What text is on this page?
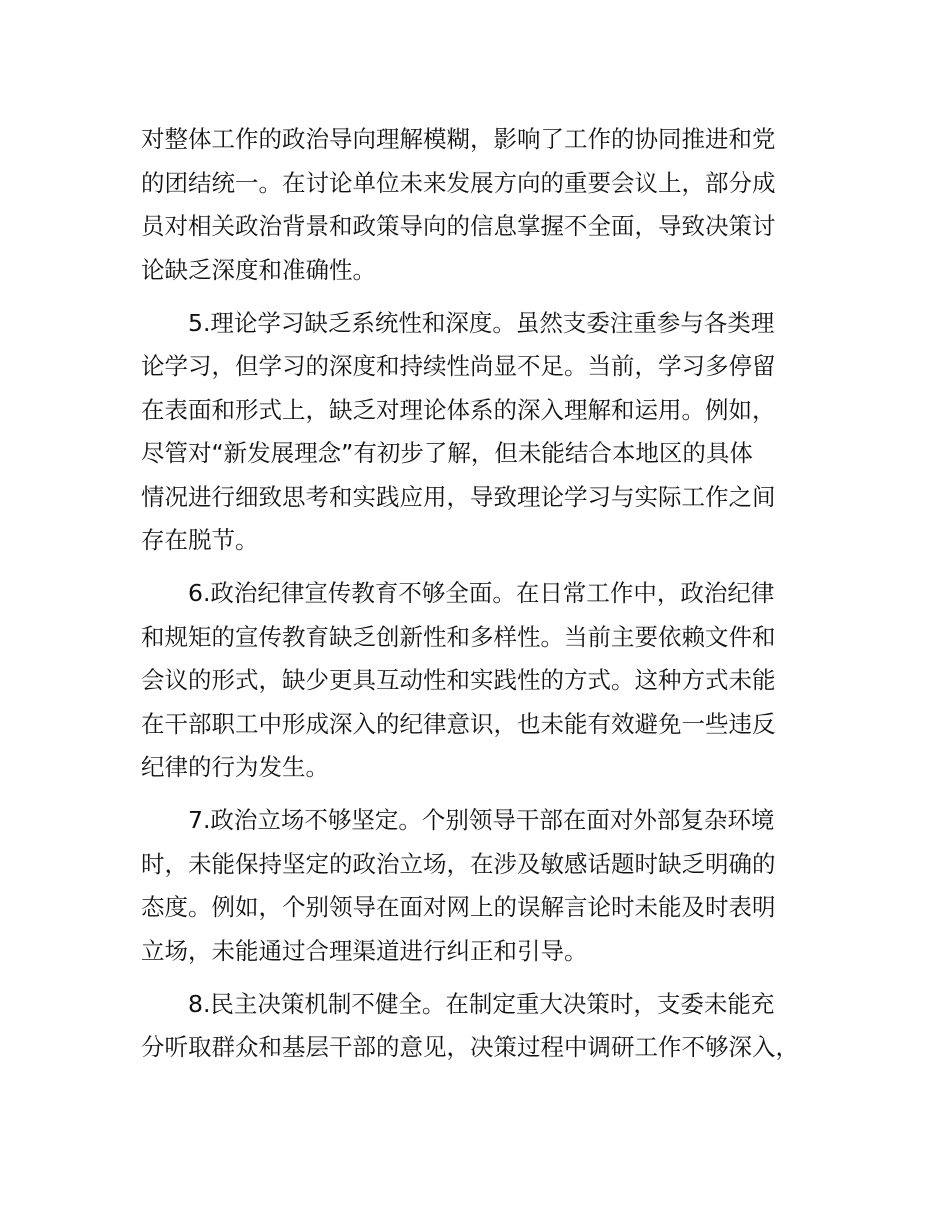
对整体工作的政治导向理解模糊，影响了工作的协同推进和党
的团结统一。在讨论单位未来发展方向的重要会议上，部分成
员对相关政治背景和政策导向的信息掌握不全面，导致决策讨
论缺乏深度和准确性。
5.理论学习缺乏系统性和深度。虽然支委注重参与各类理
论学习，但学习的深度和持续性尚显不足。当前，学习多停留
在表面和形式上，缺乏对理论体系的深入理解和运用。例如，
尽管对“新发展理念”有初步了解，但未能结合本地区的具体
情况进行细致思考和实践应用，导致理论学习与实际工作之间
存在脱节。
6.政治纪律宣传教育不够全面。在日常工作中，政治纪律
和规矩的宣传教育缺乏创新性和多样性。当前主要依赖文件和
会议的形式，缺少更具互动性和实践性的方式。这种方式未能
在干部职工中形成深入的纪律意识，也未能有效避免一些违反
纪律的行为发生。
7.政治立场不够坚定。个别领导干部在面对外部复杂环境
时，未能保持坚定的政治立场，在涉及敏感话题时缺乏明确的
态度。例如，个别领导在面对网上的误解言论时未能及时表明
立场，未能通过合理渠道进行纠正和引导。
8.民主决策机制不健全。在制定重大决策时，支委未能充
分听取群众和基层干部的意见，决策过程中调研工作不够深入，
